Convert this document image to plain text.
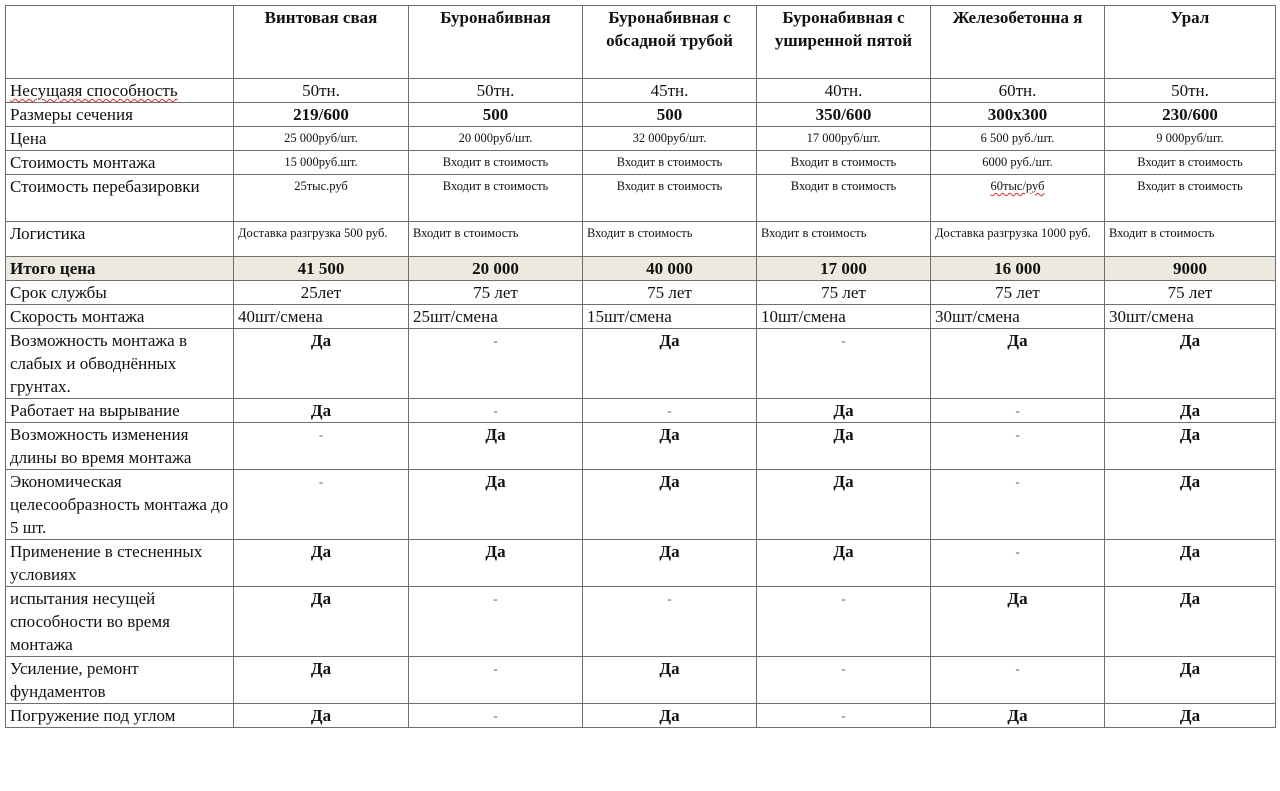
	Винтовая свая	Буронабивная	Буронабивная с обсадной трубой	Буронабивная с уширенной пятой	Железобетонна я	Урал
Несущаяя способность	50тн.	50тн.	45тн.	40тн.	60тн.	50тн.
Размеры сечения	219/600	500	500	350/600	300х300	230/600
Цена	25 000руб/шт.	20 000руб/шт.	32 000руб/шт.	17 000руб/шт.	6 500 руб./шт.	9 000руб/шт.
Стоимость монтажа	15 000руб.шт.	Входит в стоимость	Входит в стоимость	Входит в стоимость	6000 руб./шт.	Входит в стоимость
Стоимость перебазировки	25тыс.руб	Входит в стоимость	Входит в стоимость	Входит в стоимость	60тыс/руб	Входит в стоимость
Логистика	Доставка разгрузка 500 руб.	Входит в стоимость	Входит в стоимость	Входит в стоимость	Доставка разгрузка 1000 руб.	Входит в стоимость
Итого цена	41 500	20 000	40 000	17 000	16 000	9000
Срок службы	25лет	75 лет	75 лет	75 лет	75 лет	75 лет
Скорость монтажа	40шт/смена	25шт/смена	15шт/смена	10шт/смена	30шт/смена	30шт/смена
Возможность монтажа в слабых и обводнённых грунтах.	Да	-	Да	-	Да	Да
Работает на вырывание	Да	-	-	Да	-	Да
Возможность изменения длины во время монтажа	-	Да	Да	Да	-	Да
Экономическая целесообразность монтажа до 5 шт.	-	Да	Да	Да	-	Да
Применение в стесненных условиях	Да	Да	Да	Да	-	Да
испытания несущей способности во время монтажа	Да	-	-	-	Да	Да
Усиление, ремонт фундаментов	Да	-	Да	-	-	Да
Погружение под углом	Да	-	Да	-	Да	Да
